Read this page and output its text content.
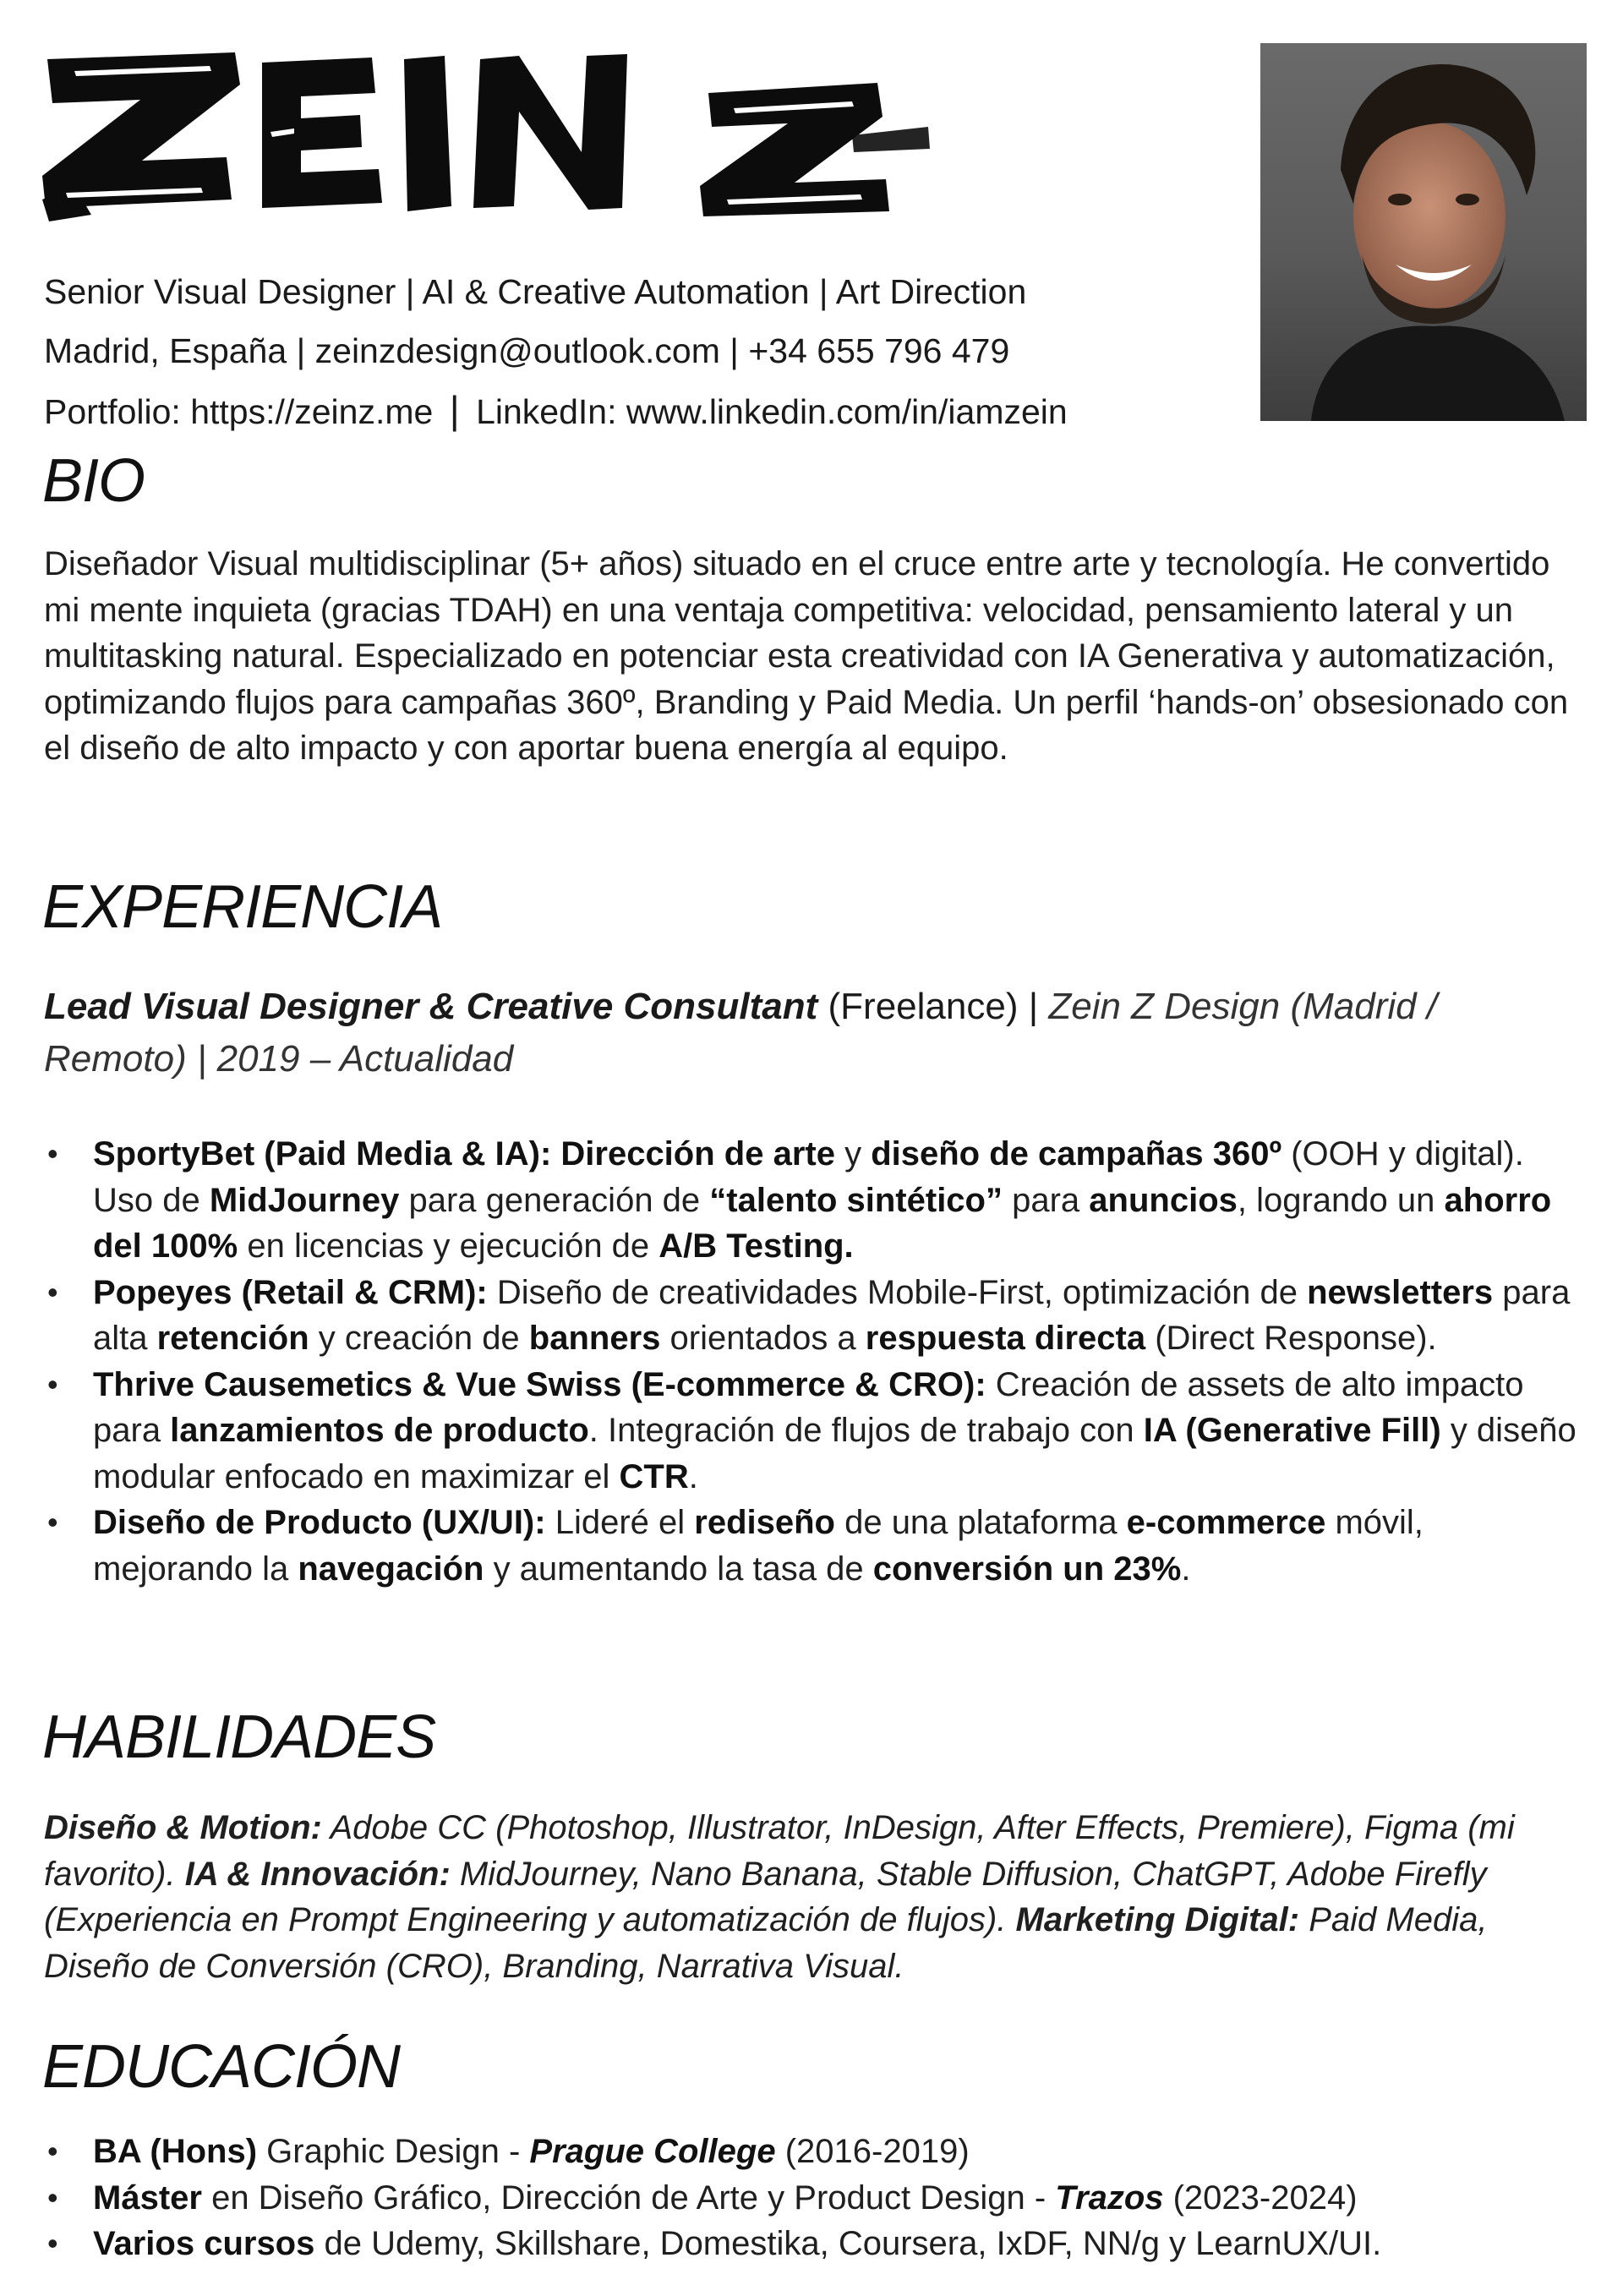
Senior Visual Designer | AI & Creative Automation | Art Direction
Madrid, España | zeinzdesign@outlook.com | +34 655 796 479
Portfolio: https://zeinz.me | LinkedIn: www.linkedin.com/in/iamzein
BIO
Diseñador Visual multidisciplinar (5+ años) situado en el cruce entre arte y tecnología. He convertido mi mente inquieta (gracias TDAH) en una ventaja competitiva: velocidad, pensamiento lateral y un multitasking natural. Especializado en potenciar esta creatividad con IA Generativa y automatización, optimizando flujos para campañas 360º, Branding y Paid Media. Un perfil ‘hands-on’ obsesionado con el diseño de alto impacto y con aportar buena energía al equipo.
EXPERIENCIA
Lead Visual Designer & Creative Consultant (Freelance) | Zein Z Design (Madrid / Remoto) | 2019 – Actualidad
• SportyBet (Paid Media & IA): Dirección de arte y diseño de campañas 360º (OOH y digital). Uso de MidJourney para generación de “talento sintético” para anuncios, logrando un ahorro del 100% en licencias y ejecución de A/B Testing.
• Popeyes (Retail & CRM): Diseño de creatividades Mobile-First, optimización de newsletters para alta retención y creación de banners orientados a respuesta directa (Direct Response).
• Thrive Causemetics & Vue Swiss (E-commerce & CRO): Creación de assets de alto impacto para lanzamientos de producto. Integración de flujos de trabajo con IA (Generative Fill) y diseño modular enfocado en maximizar el CTR.
• Diseño de Producto (UX/UI): Lideré el rediseño de una plataforma e-commerce móvil, mejorando la navegación y aumentando la tasa de conversión un 23%.
HABILIDADES
Diseño & Motion: Adobe CC (Photoshop, Illustrator, InDesign, After Effects, Premiere), Figma (mi favorito). IA & Innovación: MidJourney, Nano Banana, Stable Diffusion, ChatGPT, Adobe Firefly (Experiencia en Prompt Engineering y automatización de flujos). Marketing Digital: Paid Media, Diseño de Conversión (CRO), Branding, Narrativa Visual.
EDUCACIÓN
• BA (Hons) Graphic Design - Prague College (2016-2019)
• Máster en Diseño Gráfico, Dirección de Arte y Product Design - Trazos (2023-2024)
• Varios cursos de Udemy, Skillshare, Domestika, Coursera, IxDF, NN/g y LearnUX/UI.
